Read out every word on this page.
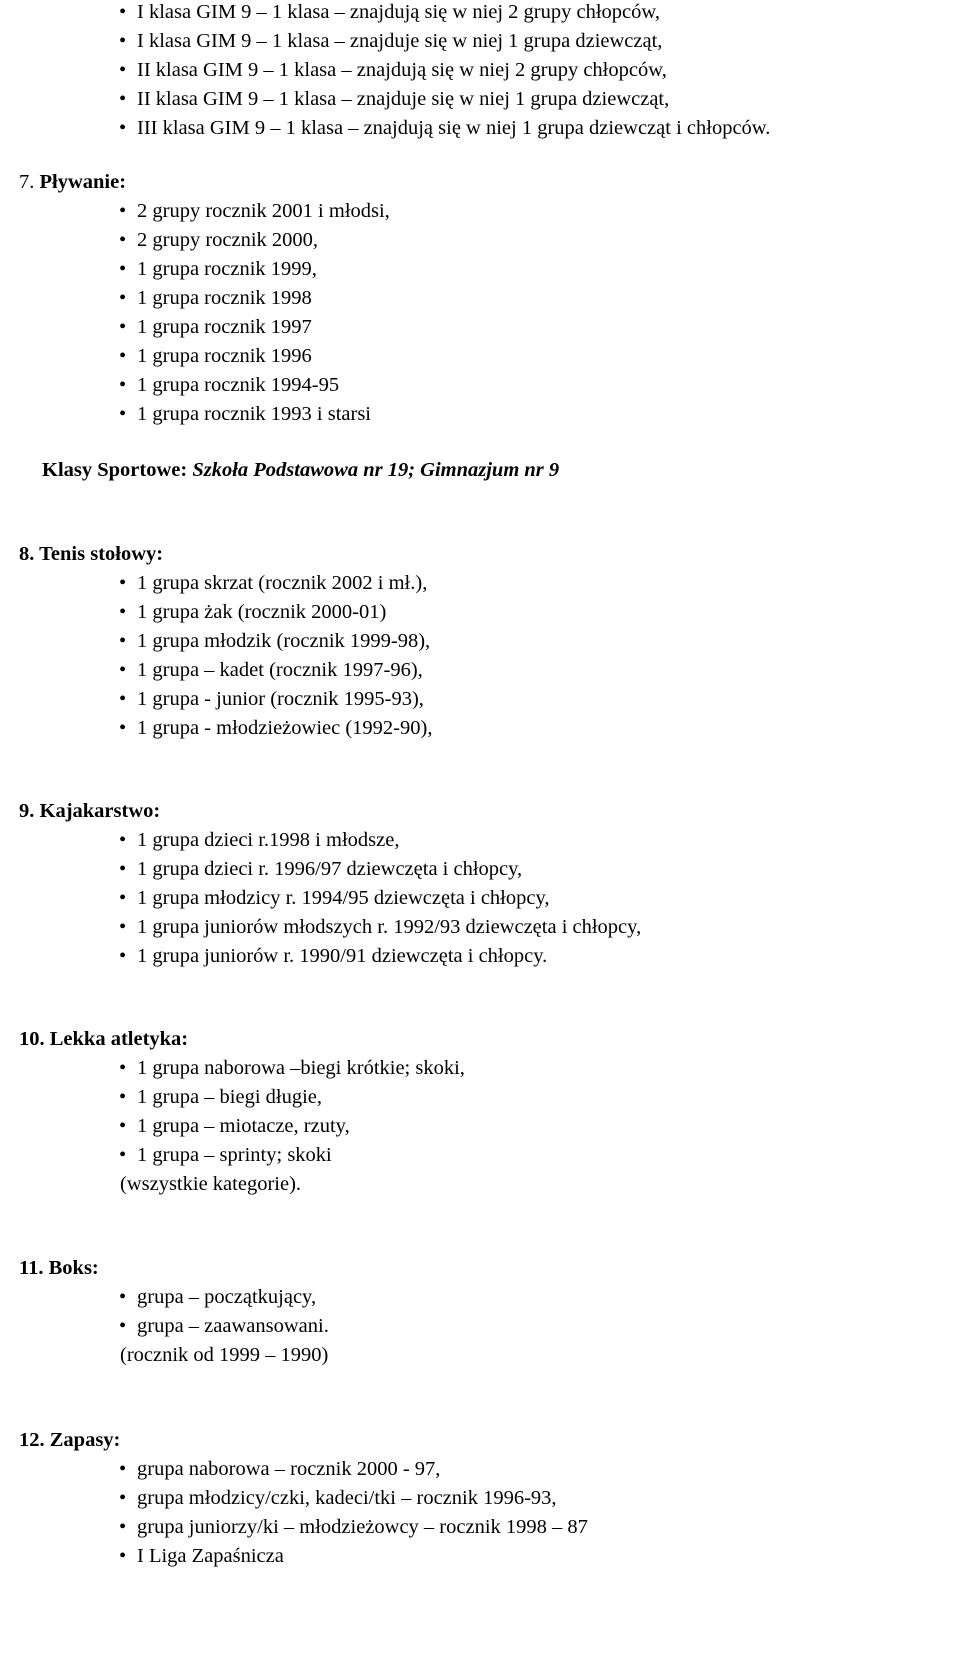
• I klasa GIM 9 – 1 klasa – znajdują się w niej 2 grupy chłopców,
• I klasa GIM 9 – 1 klasa – znajduje się w niej 1 grupa dziewcząt,
• II klasa GIM 9 – 1 klasa – znajdują się w niej 2 grupy chłopców,
• II klasa GIM 9 – 1 klasa – znajduje się w niej 1 grupa dziewcząt,
• III klasa GIM 9 – 1 klasa – znajdują się w niej 1 grupa dziewcząt i chłopców.
7. Pływanie:
• 2 grupy rocznik 2001 i młodsi,
• 2 grupy rocznik 2000,
• 1 grupa rocznik 1999,
• 1 grupa rocznik 1998
• 1 grupa rocznik 1997
• 1 grupa rocznik 1996
• 1 grupa rocznik 1994-95
• 1 grupa rocznik 1993 i starsi
Klasy Sportowe: Szkoła Podstawowa nr 19; Gimnazjum nr 9
8. Tenis stołowy:
• 1 grupa skrzat (rocznik 2002 i mł.),
• 1 grupa żak (rocznik 2000-01)
• 1 grupa młodzik (rocznik 1999-98),
• 1 grupa – kadet (rocznik 1997-96),
• 1 grupa - junior (rocznik 1995-93),
• 1 grupa - młodzieżowiec (1992-90),
9. Kajakarstwo:
• 1 grupa dzieci r.1998 i młodsze,
• 1 grupa dzieci r. 1996/97 dziewczęta i chłopcy,
• 1 grupa młodzicy r. 1994/95 dziewczęta i chłopcy,
• 1 grupa juniorów młodszych r. 1992/93 dziewczęta i chłopcy,
• 1 grupa juniorów r. 1990/91 dziewczęta i chłopcy.
10. Lekka atletyka:
• 1 grupa naborowa –biegi krótkie; skoki,
• 1 grupa – biegi długie,
• 1 grupa – miotacze, rzuty,
• 1 grupa – sprinty; skoki
(wszystkie kategorie).
11. Boks:
• grupa – początkujący,
• grupa – zaawansowani.
(rocznik od 1999 – 1990)
12. Zapasy:
• grupa naborowa – rocznik 2000 - 97,
• grupa młodzicy/czki, kadeci/tki – rocznik 1996-93,
• grupa juniorzy/ki – młodzieżowcy – rocznik 1998 – 87
• I Liga Zapaśnicza
